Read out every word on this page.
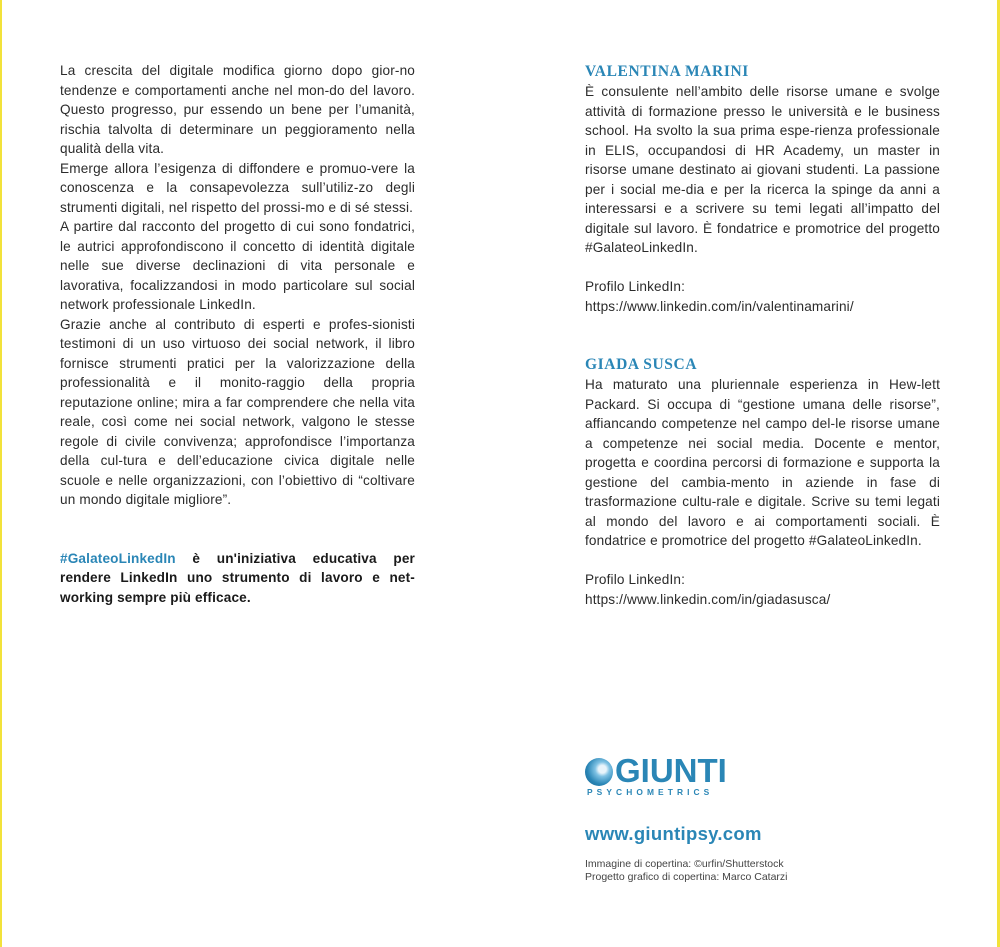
La crescita del digitale modifica giorno dopo gior-no tendenze e comportamenti anche nel mon-do del lavoro. Questo progresso, pur essendo un bene per l’umanità, rischia talvolta di determinare un peggioramento nella qualità della vita.

Emerge allora l’esigenza di diffondere e promuo-vere la conoscenza e la consapevolezza sull’utiliz-zo degli strumenti digitali, nel rispetto del prossi-mo e di sé stessi.

A partire dal racconto del progetto di cui sono fondatrici, le autrici approfondiscono il concetto di identità digitale nelle sue diverse declinazioni di vita personale e lavorativa, focalizzandosi in modo particolare sul social network professionale LinkedIn.

Grazie anche al contributo di esperti e profes-sionisti testimoni di un uso virtuoso dei social network, il libro fornisce strumenti pratici per la valorizzazione della professionalità e il monito-raggio della propria reputazione online; mira a far comprendere che nella vita reale, così come nei social network, valgono le stesse regole di civile convivenza; approfondisce l’importanza della cul-tura e dell’educazione civica digitale nelle scuole e nelle organizzazioni, con l’obiettivo di “coltivare un mondo digitale migliore”.

#GalateoLinkedIn è un'iniziativa educativa per rendere LinkedIn uno strumento di lavoro e net-working sempre più efficace.

VALENTINA MARINI

È consulente nell’ambito delle risorse umane e svolge attività di formazione presso le università e le business school. Ha svolto la sua prima espe-rienza professionale in ELIS, occupandosi di HR Academy, un master in risorse umane destinato ai giovani studenti. La passione per i social me-dia e per la ricerca la spinge da anni a interessarsi e a scrivere su temi legati all’impatto del digitale sul lavoro. È fondatrice e promotrice del progetto #GalateoLinkedIn.

Profilo LinkedIn:

https://www.linkedin.com/in/valentinamarini/

GIADA SUSCA

Ha maturato una pluriennale esperienza in Hew-lett Packard. Si occupa di “gestione umana delle risorse”, affiancando competenze nel campo del-le risorse umane a competenze nei social media. Docente e mentor, progetta e coordina percorsi di formazione e supporta la gestione del cambia-mento in aziende in fase di trasformazione cultu-rale e digitale. Scrive su temi legati al mondo del lavoro e ai comportamenti sociali. È fondatrice e promotrice del progetto #GalateoLinkedIn.

Profilo LinkedIn:

https://www.linkedin.com/in/giadasusca/

GIUNTI
PSYCHOMETRICS
www.giuntipsy.com
Immagine di copertina: ©urfin/Shutterstock
Progetto grafico di copertina: Marco Catarzi
